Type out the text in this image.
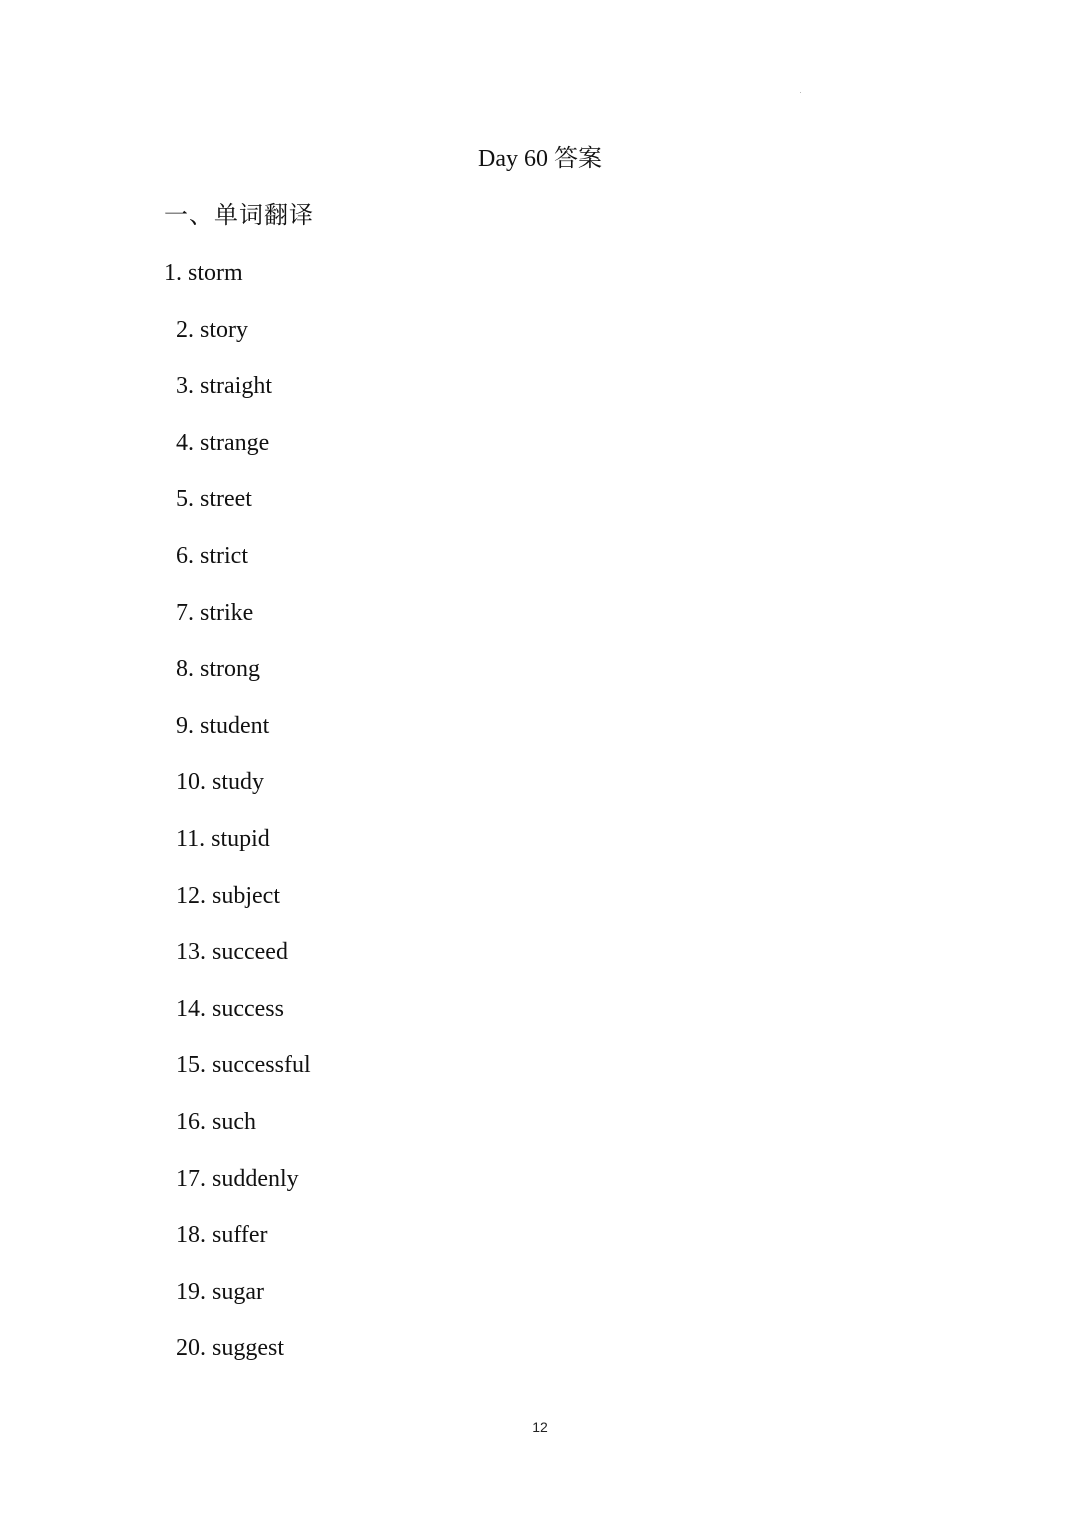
Day 60 答案
一、单词翻译
1. storm
2. story
3. straight
4. strange
5. street
6. strict
7. strike
8. strong
9. student
10. study
11. stupid
12. subject
13. succeed
14. success
15. successful
16. such
17. suddenly
18. suffer
19. sugar
20. suggest
12
